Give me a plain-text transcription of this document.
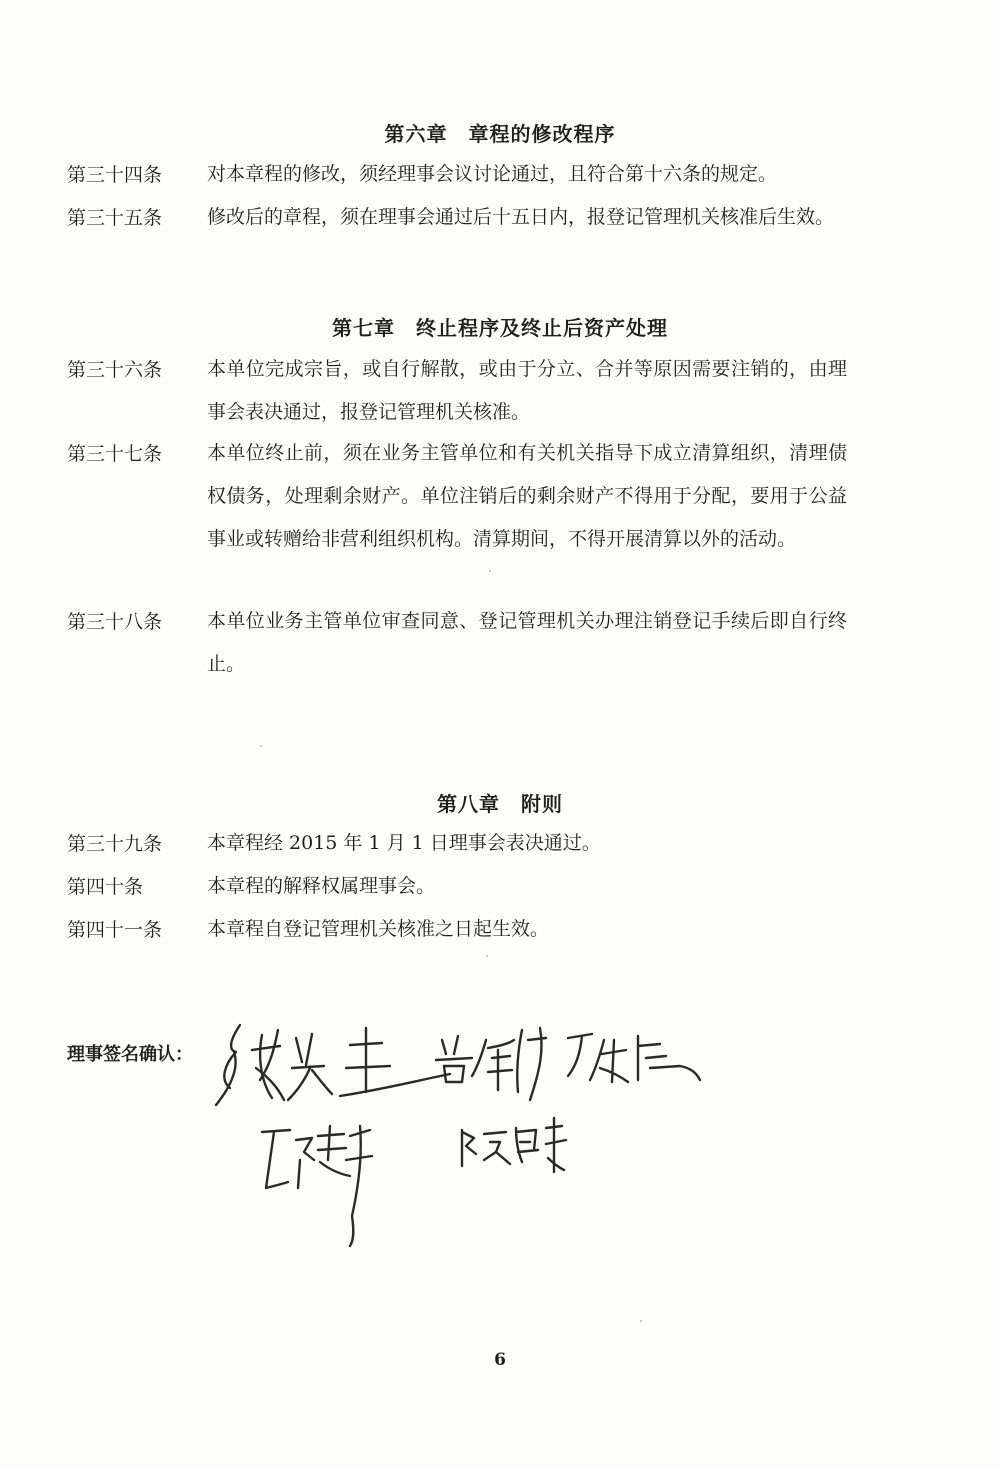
第六章　章程的修改程序
第三十四条 对本章程的修改，须经理事会议讨论通过，且符合第十六条的规定。
第三十五条 修改后的章程，须在理事会通过后十五日内，报登记管理机关核准后生效。
第七章　终止程序及终止后资产处理
第三十六条 本单位完成宗旨，或自行解散，或由于分立、合并等原因需要注销的，由理事会表决通过，报登记管理机关核准。
第三十七条 本单位终止前，须在业务主管单位和有关机关指导下成立清算组织，清理债权债务，处理剩余财产。单位注销后的剩余财产不得用于分配，要用于公益事业或转赠给非营利组织机构。清算期间，不得开展清算以外的活动。
第三十八条 本单位业务主管单位审查同意、登记管理机关办理注销登记手续后即自行终止。
第八章　附则
第三十九条 本章程经 2015 年 1 月 1 日理事会表决通过。
第四十条	本章程的解释权属理事会。
第四十一条 本章程自登记管理机关核准之日起生效。
理事签名确认：
6
